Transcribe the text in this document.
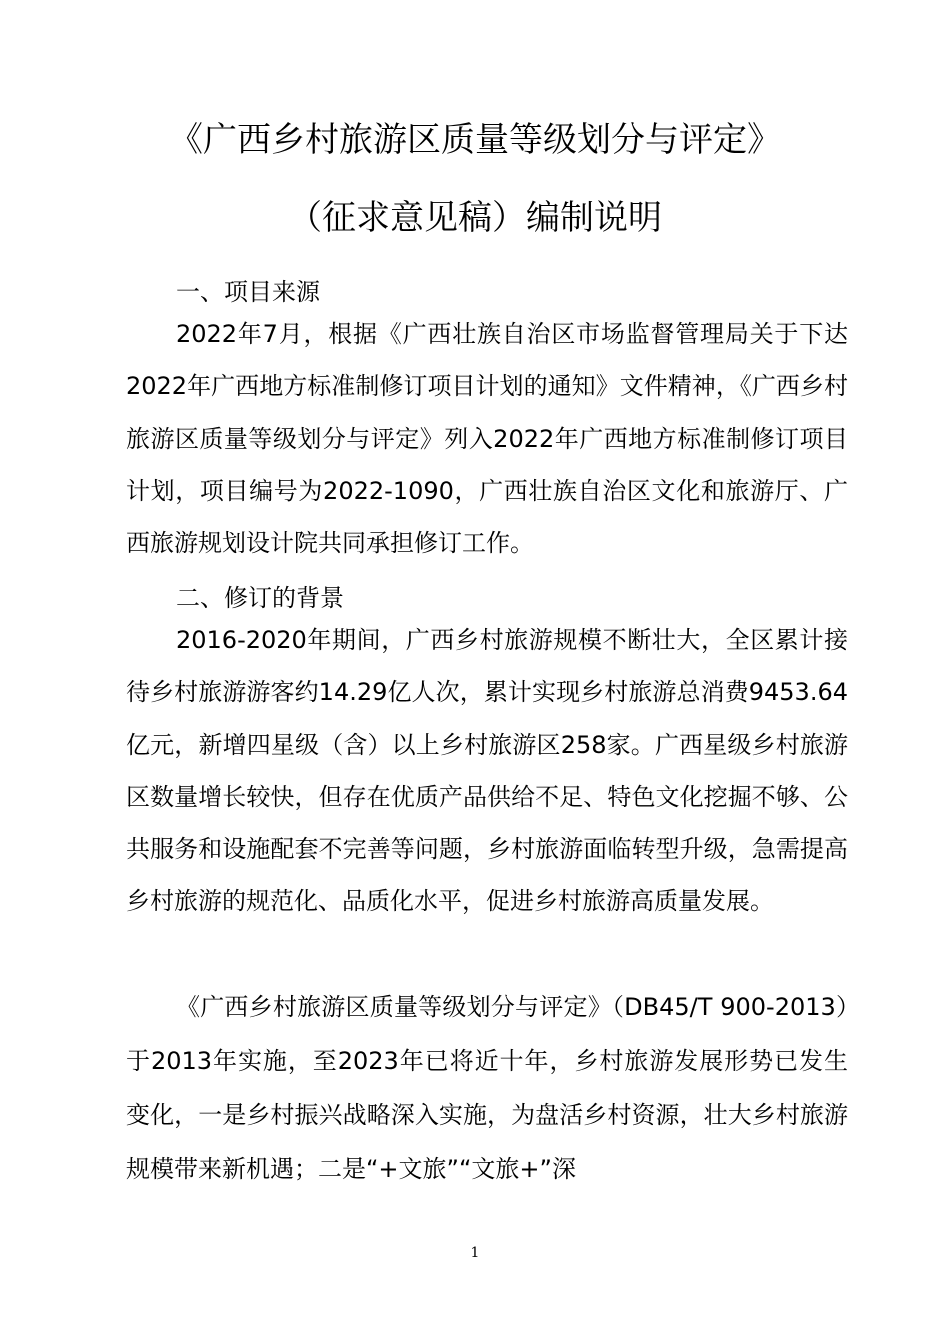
《广西乡村旅游区质量等级划分与评定》
（征求意见稿）编制说明
一、项目来源

2022年7月，根据《广西壮族自治区市场监督管理局关于下达2022年广西地方标准制修订项目计划的通知》文件精神，《广西乡村旅游区质量等级划分与评定》列入2022年广西地方标准制修订项目计划，项目编号为2022-1090，广西壮族自治区文化和旅游厅、广西旅游规划设计院共同承担修订工作。

二、修订的背景

2016-2020年期间，广西乡村旅游规模不断壮大，全区累计接待乡村旅游游客约14.29亿人次，累计实现乡村旅游总消费9453.64亿元，新增四星级（含）以上乡村旅游区258家。广西星级乡村旅游区数量增长较快，但存在优质产品供给不足、特色文化挖掘不够、公共服务和设施配套不完善等问题，乡村旅游面临转型升级，急需提高乡村旅游的规范化、品质化水平，促进乡村旅游高质量发展。

《广西乡村旅游区质量等级划分与评定》（DB45/T 900-2013）于2013年实施，至2023年已将近十年，乡村旅游发展形势已发生变化，一是乡村振兴战略深入实施，为盘活乡村资源，壮大乡村旅游规模带来新机遇；二是“+文旅”“文旅+”深

1
